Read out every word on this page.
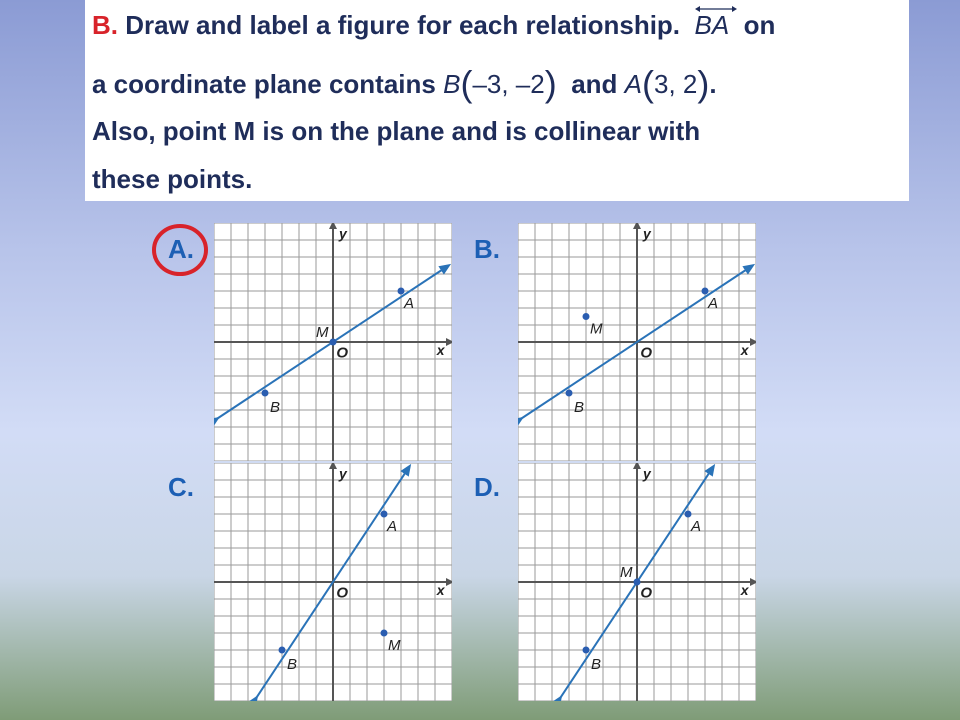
B. Draw and label a figure for each relationship. BA on
a coordinate plane contains B(–3, –2) and A(3, 2).
Also, point M is on the plane and is collinear with
these points.
A.	B.
C.	D.
x
y
O
A
B
M
x
y
O
A
B
M
x
y
O
A
B
M
x
y
O
A
B
M
